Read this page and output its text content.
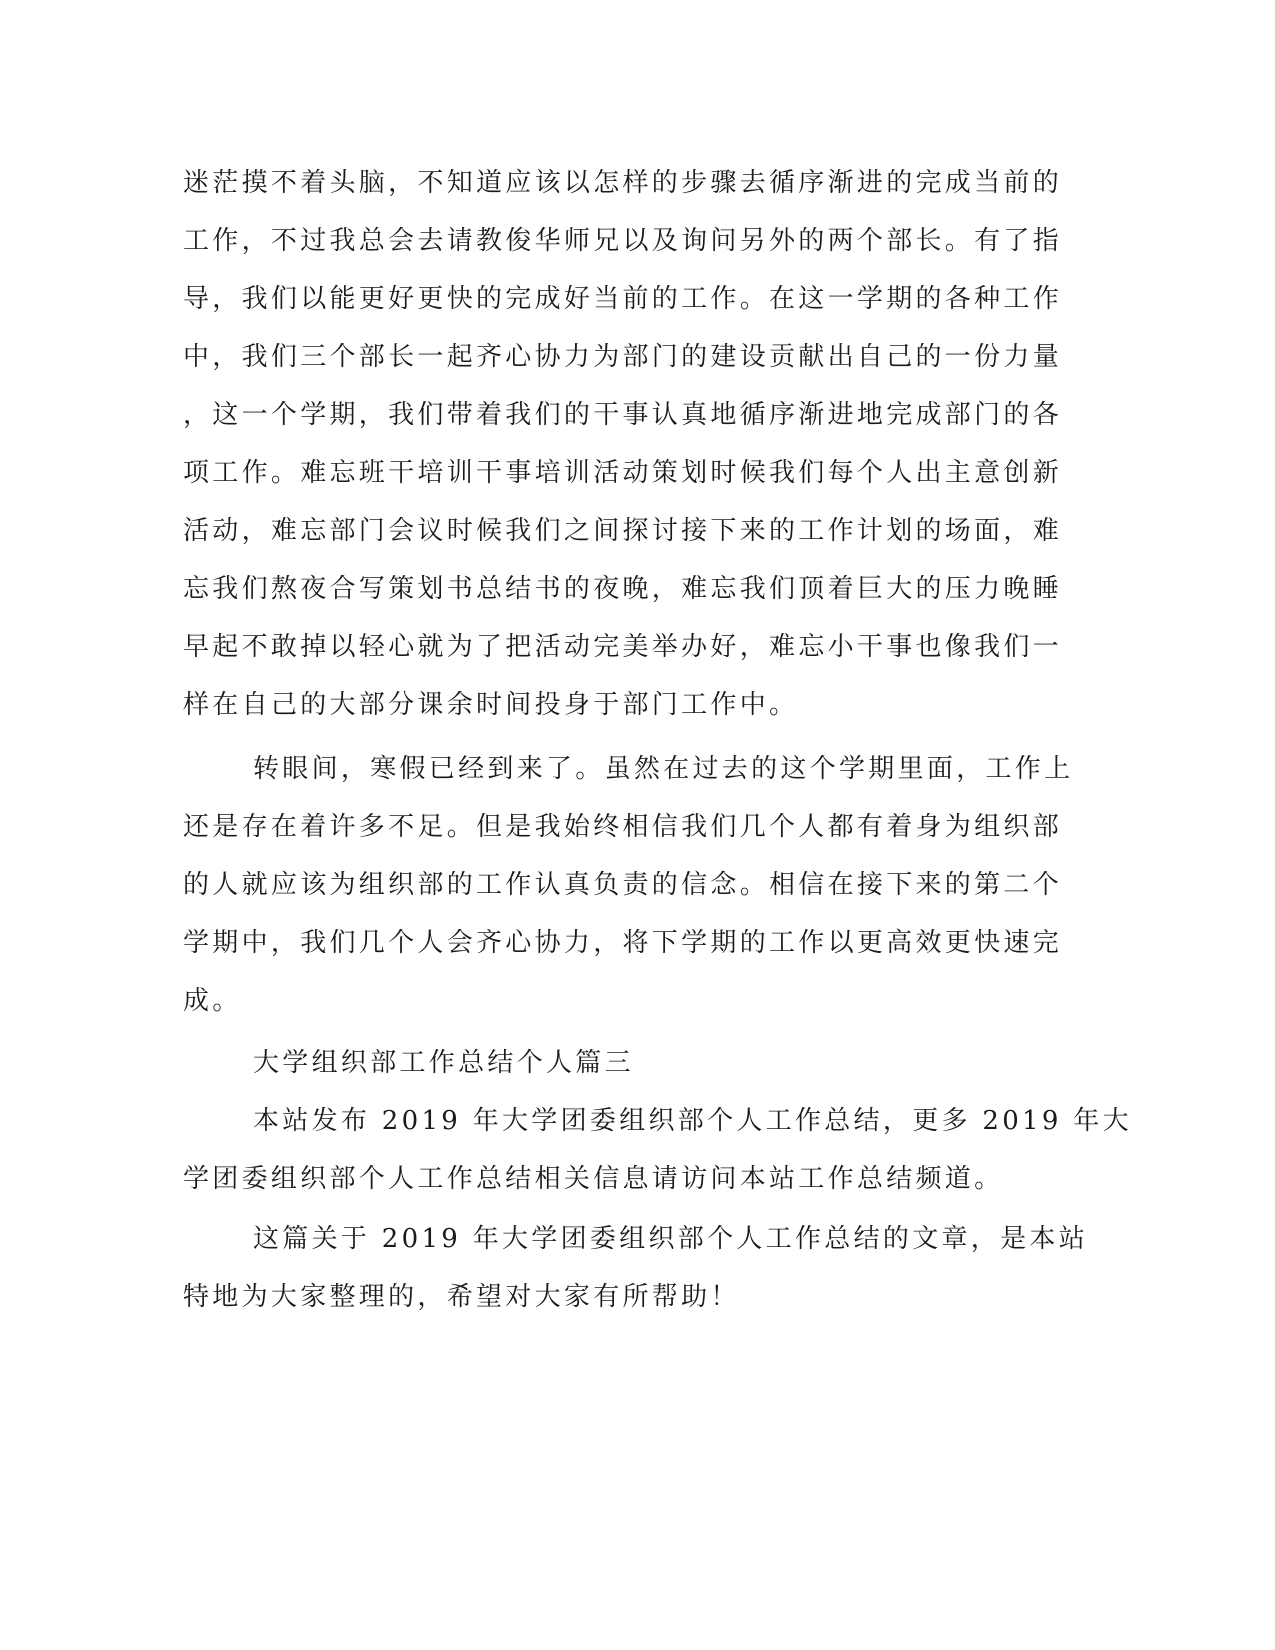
迷茫摸不着头脑，不知道应该以怎样的步骤去循序渐进的完成当前的
工作，不过我总会去请教俊华师兄以及询问另外的两个部长。有了指
导，我们以能更好更快的完成好当前的工作。在这一学期的各种工作
中，我们三个部长一起齐心协力为部门的建设贡献出自己的一份力量
，这一个学期，我们带着我们的干事认真地循序渐进地完成部门的各
项工作。难忘班干培训干事培训活动策划时候我们每个人出主意创新
活动，难忘部门会议时候我们之间探讨接下来的工作计划的场面，难
忘我们熬夜合写策划书总结书的夜晚，难忘我们顶着巨大的压力晚睡
早起不敢掉以轻心就为了把活动完美举办好，难忘小干事也像我们一
样在自己的大部分课余时间投身于部门工作中。
转眼间，寒假已经到来了。虽然在过去的这个学期里面，工作上
还是存在着许多不足。但是我始终相信我们几个人都有着身为组织部
的人就应该为组织部的工作认真负责的信念。相信在接下来的第二个
学期中，我们几个人会齐心协力，将下学期的工作以更高效更快速完
成。
大学组织部工作总结个人篇三
本站发布 2019 年大学团委组织部个人工作总结，更多 2019 年大
学团委组织部个人工作总结相关信息请访问本站工作总结频道。
这篇关于 2019 年大学团委组织部个人工作总结的文章，是本站
特地为大家整理的，希望对大家有所帮助！
